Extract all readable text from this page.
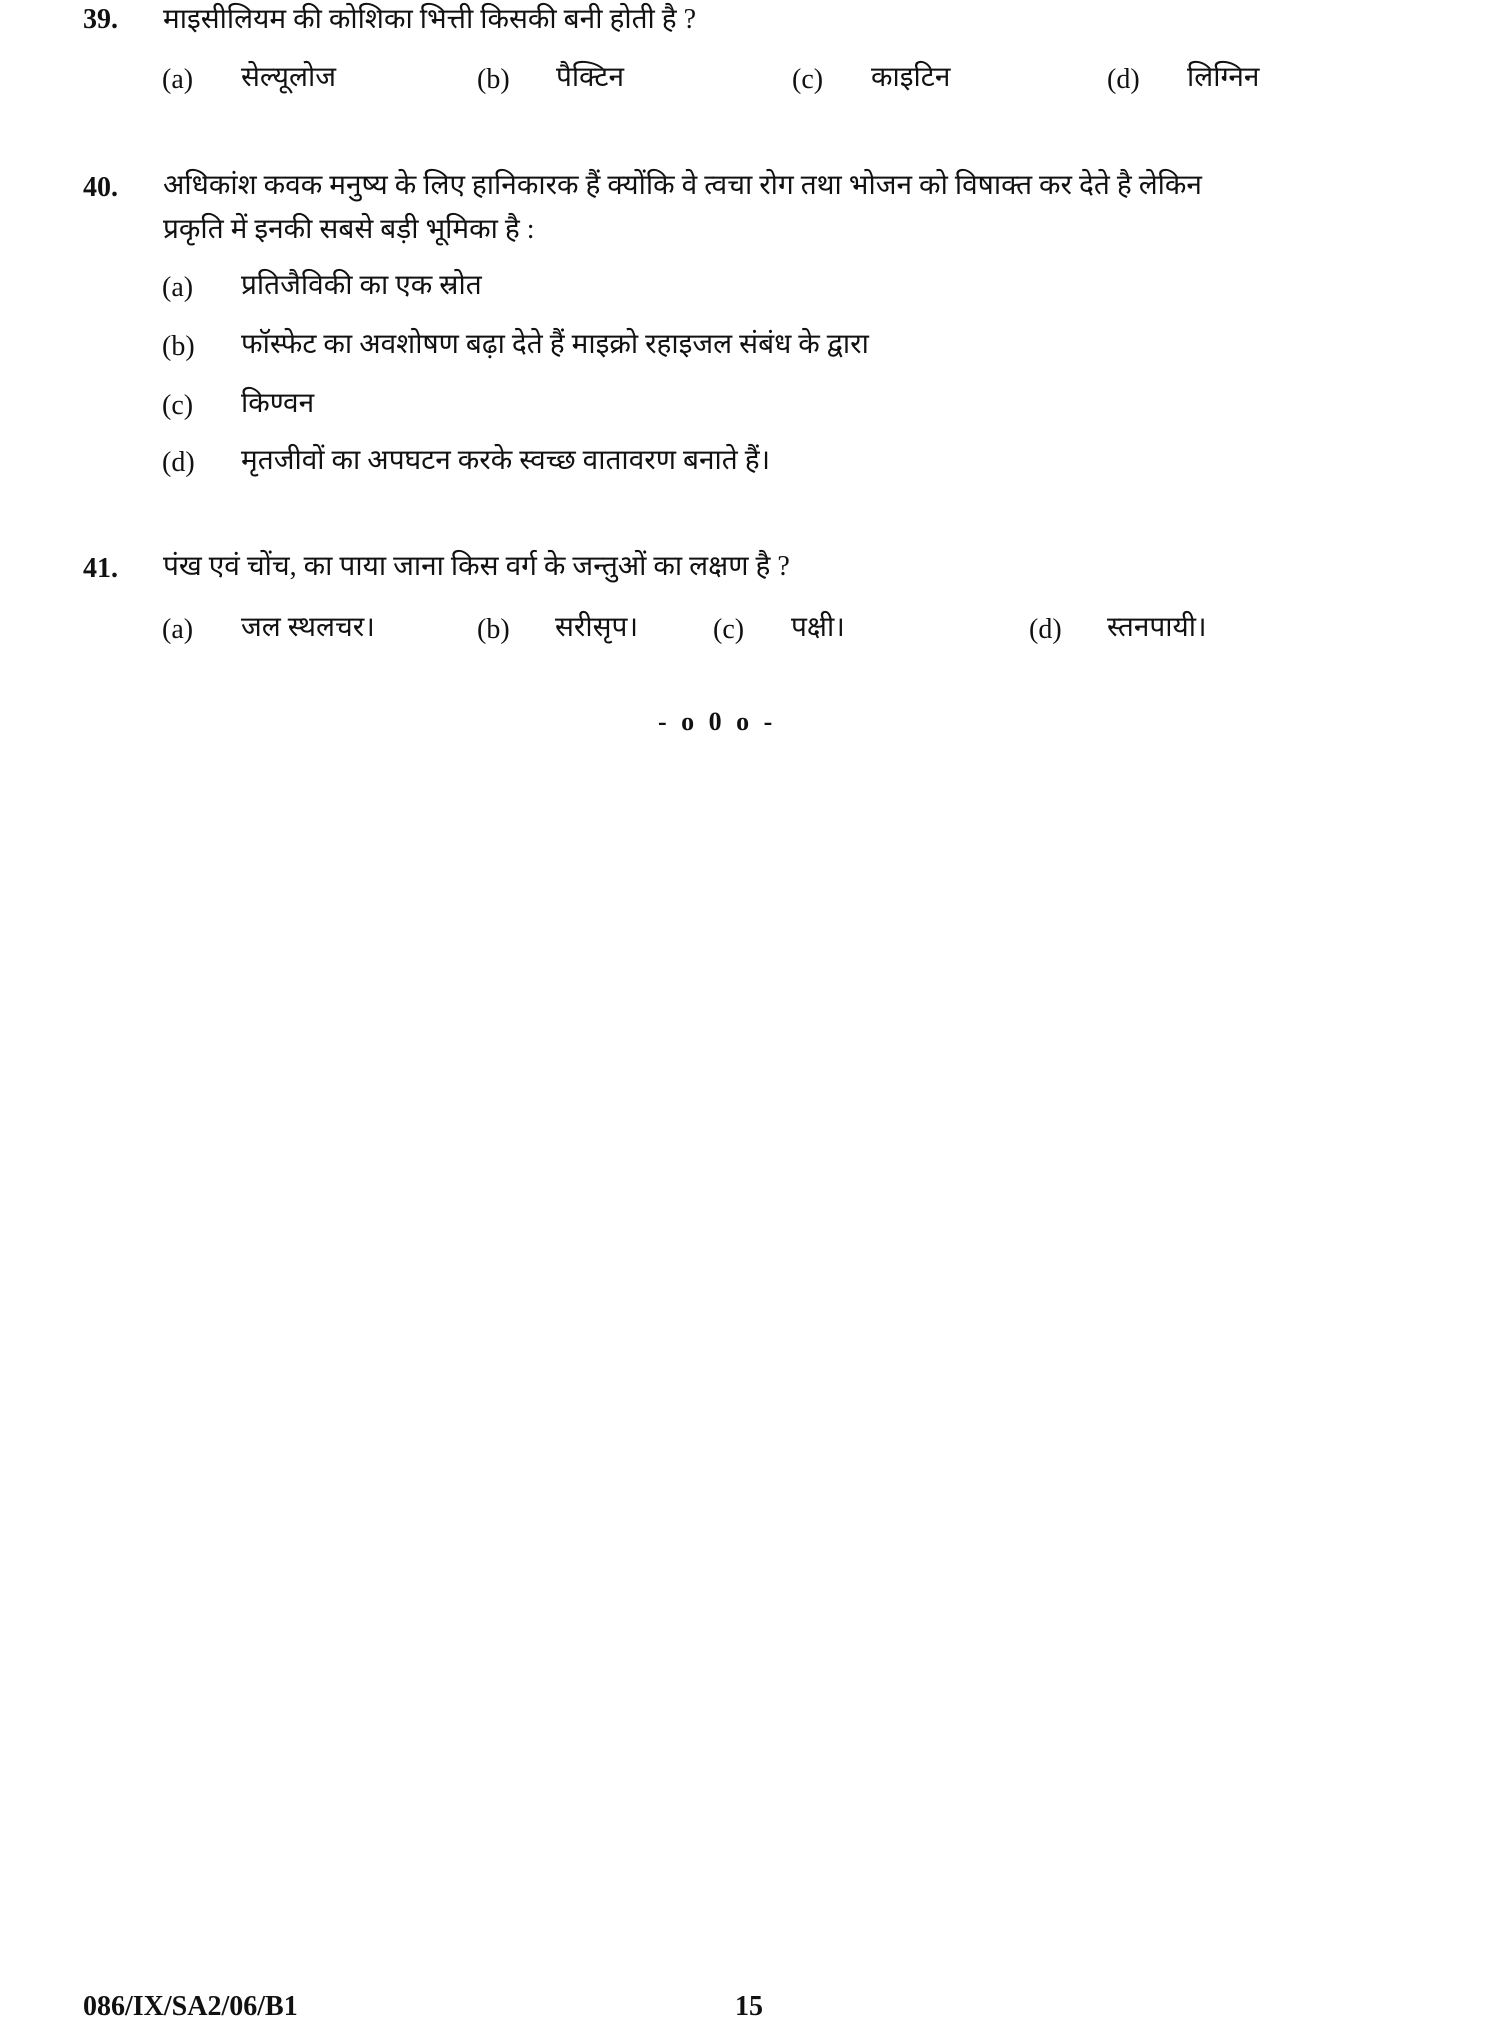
39. माइसीलियम की कोशिका भित्ती किसकी बनी होती है ?
(a) सेल्यूलोज	(b) पैक्टिन	(c) काइटिन	(d) लिग्निन
40. अधिकांश कवक मनुष्य के लिए हानिकारक हैं क्योंकि वे त्वचा रोग तथा भोजन को विषाक्त कर देते है लेकिन
प्रकृति में इनकी सबसे बड़ी भूमिका है :
(a) प्रतिजैविकी का एक स्रोत
(b) फॉस्फेट का अवशोषण बढ़ा देते हैं माइक्रो रहाइजल संबंध के द्वारा
(c) किण्वन
(d) मृतजीवों का अपघटन करके स्वच्छ वातावरण बनाते हैं।
41. पंख एवं चोंच, का पाया जाना किस वर्ग के जन्तुओं का लक्षण है ?
(a) जल स्थलचर।	(b) सरीसृप।	(c) पक्षी।	(d) स्तनपायी।
- o 0 o -
086/IX/SA2/06/B1	15
